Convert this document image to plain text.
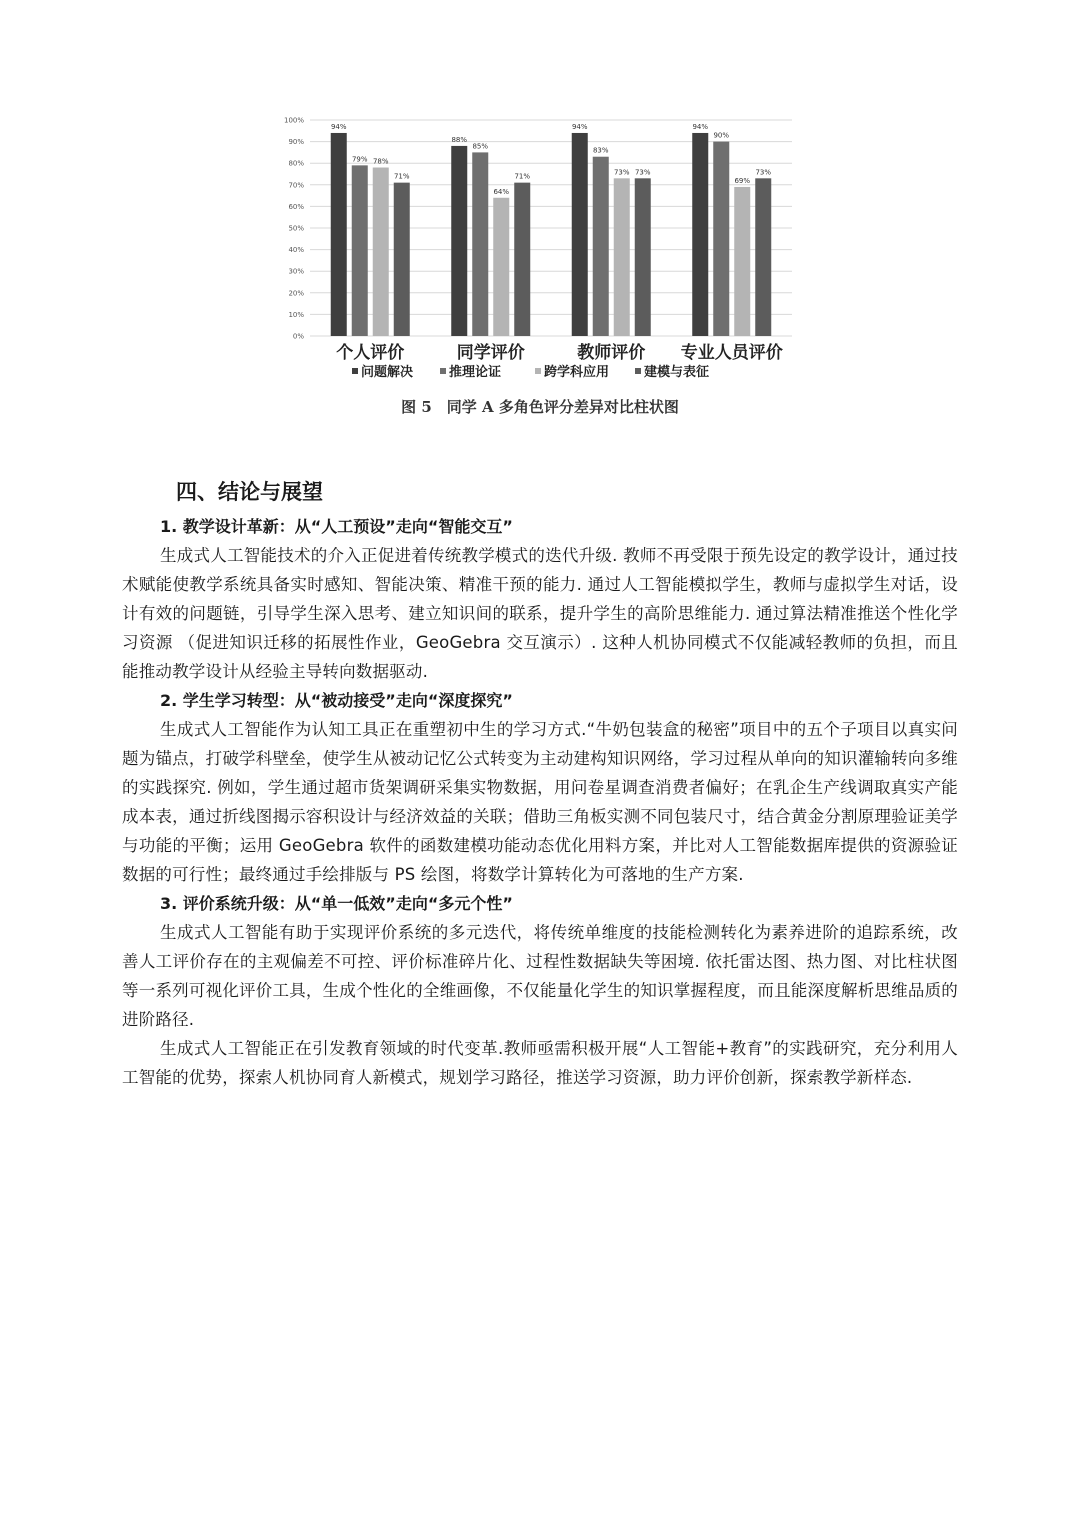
0%
10%
20%
30%
40%
50%
60%
70%
80%
90%
100%
94%
79% 78%
71%
个人评价
88%
85%
64%
71%
同学评价
94%
83%
73% 73%
教师评价
94%
90%
69%
73%
专业人员评价
问题解决	推理论证	跨学科应用	建模与表征
图 5　同学 A 多角色评分差异对比柱状图
四、结论与展望
1. 教学设计革新：从“人工预设”走向“智能交互”

生成式人工智能技术的介入正促进着传统教学模式的迭代升级. 教师不再受限于预先设定的教学设计，通过技术赋能使教学系统具备实时感知、智能决策、精准干预的能力. 通过人工智能模拟学生，教师与虚拟学生对话，设计有效的问题链，引导学生深入思考、建立知识间的联系，提升学生的高阶思维能力. 通过算法精准推送个性化学习资源 （促进知识迁移的拓展性作业，GeoGebra 交互演示）. 这种人机协同模式不仅能减轻教师的负担，而且能推动教学设计从经验主导转向数据驱动.

2. 学生学习转型：从“被动接受”走向“深度探究”

生成式人工智能作为认知工具正在重塑初中生的学习方式.“牛奶包装盒的秘密”项目中的五个子项目以真实问题为锚点，打破学科壁垒，使学生从被动记忆公式转变为主动建构知识网络，学习过程从单向的知识灌输转向多维的实践探究. 例如，学生通过超市货架调研采集实物数据，用问卷星调查消费者偏好；在乳企生产线调取真实产能成本表，通过折线图揭示容积设计与经济效益的关联；借助三角板实测不同包装尺寸，结合黄金分割原理验证美学与功能的平衡；运用 GeoGebra 软件的函数建模功能动态优化用料方案，并比对人工智能数据库提供的资源验证数据的可行性；最终通过手绘排版与 PS 绘图，将数学计算转化为可落地的生产方案.

3. 评价系统升级：从“单一低效”走向“多元个性”

生成式人工智能有助于实现评价系统的多元迭代，将传统单维度的技能检测转化为素养进阶的追踪系统，改善人工评价存在的主观偏差不可控、评价标准碎片化、过程性数据缺失等困境. 依托雷达图、热力图、对比柱状图等一系列可视化评价工具，生成个性化的全维画像，不仅能量化学生的知识掌握程度，而且能深度解析思维品质的进阶路径.

生成式人工智能正在引发教育领域的时代变革.教师亟需积极开展“人工智能+教育”的实践研究，充分利用人工智能的优势，探索人机协同育人新模式，规划学习路径，推送学习资源，助力评价创新，探索教学新样态.
